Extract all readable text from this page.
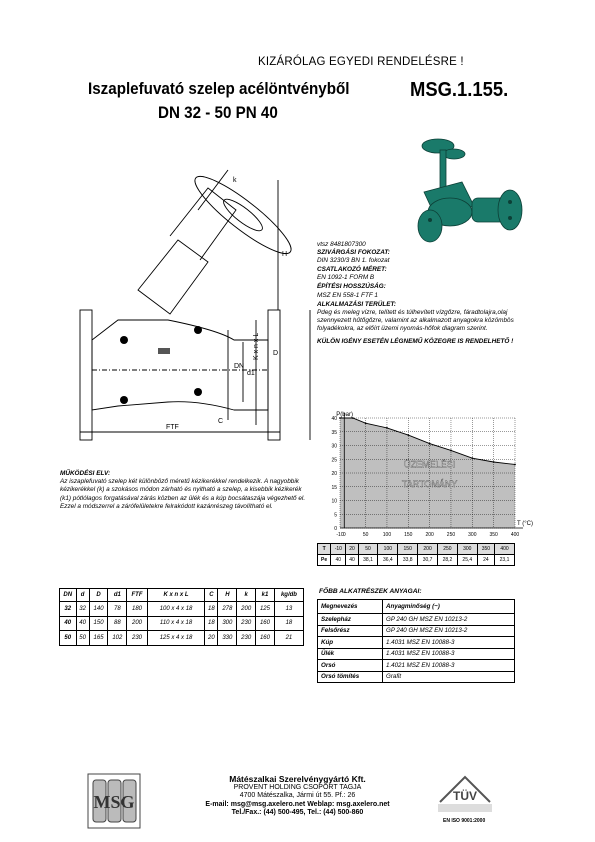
KIZÁRÓLAG EGYEDI RENDELÉSRE !
Iszaplefuvató szelep acélöntvényből
DN 32 - 50 PN 40
MSG.1.155.
d1
DN
K x n x L D
H
C
FTF
k
vtsz 8481807300
SZIVÁRGÁSI FOKOZAT:
DIN 3230/3 BN 1. fokozat
CSATLAKOZÓ MÉRET:
EN 1092-1 FORM B
ÉPÍTÉSI HOSSZÚSÁG:
MSZ EN 558-1 FTF 1
ALKALMAZÁSI TERÜLET:
Pdeg és meleg vízre, telített és túlhevített vízgőzre, fáradtolajra,olaj szennyezett hűtőgőzre, valamint az alkalmazott anyagokra közömbös folyadékokra, az előírt üzemi nyomás-hőfok diagram szerint.
KÜLÖN IGÉNY ESETÉN LÉGNEMŰ KÖZEGRE IS RENDELHETŐ !
0
5
10
15
20
25
30
35
40
-10 0	50	100	150	200	250	300	350	400
P(bar)
T (°C)
ÜZEMELÉSI
TARTOMÁNY
T	-10	20	50	100	150	200	250	300	350	400
Pe	40	40	38,1	36,4	33,8	30,7	28,2	25,4	24	23,1
MŰKÖDÉSI ELV:
Az iszaplefuvató szelep két különböző méretű kézikerékkel rendelkezik. A nagyobbik kézikerékkel (k) a szokásos módon zárható és nyitható a szelep, a kisebbik kézikerék (k1) pótlólagos forgatásával zárás közben az ülék és a kúp bocsátaszája végezhető el. Ezzel a módszerrel a zárófelületekre felrakódott kazánrészeg távolítható el.
DN	d	D	d1	FTF	K x n x L	C	H	k	k1	kg/db
32	32	140	78	180	100 x 4 x 18	18	278	200	125	13
40	40	150	88	200	110 x 4 x 18	18	300	230	160	18
50	50	165	102	230	125 x 4 x 18	20	330	230	160	21
FŐBB ALKATRÉSZEK ANYAGAI:
Megnevezés	Anyagminőség (~)
Szelepház	GP 240 GH MSZ EN 10213-2
Felsőrész	GP 240 GH MSZ EN 10213-2
Kúp	1.4031 MSZ EN 10088-3
Ülék	1.4031 MSZ EN 10088-3
Orsó	1.4021 MSZ EN 10088-3
Orsó tömítés	Grafit
MSG
Mátészalkai Szerelvénygyártó Kft.
PROVENT HOLDING CSOPORT TAGJA
4700 Mátészalka, Jármi út 55. Pf.: 26
E-mail: msg@msg.axelero.net Weblap: msg.axelero.net
Tel./Fax.: (44) 500-495, Tel.: (44) 500-860
TÜV
EN ISO 9001:2000
